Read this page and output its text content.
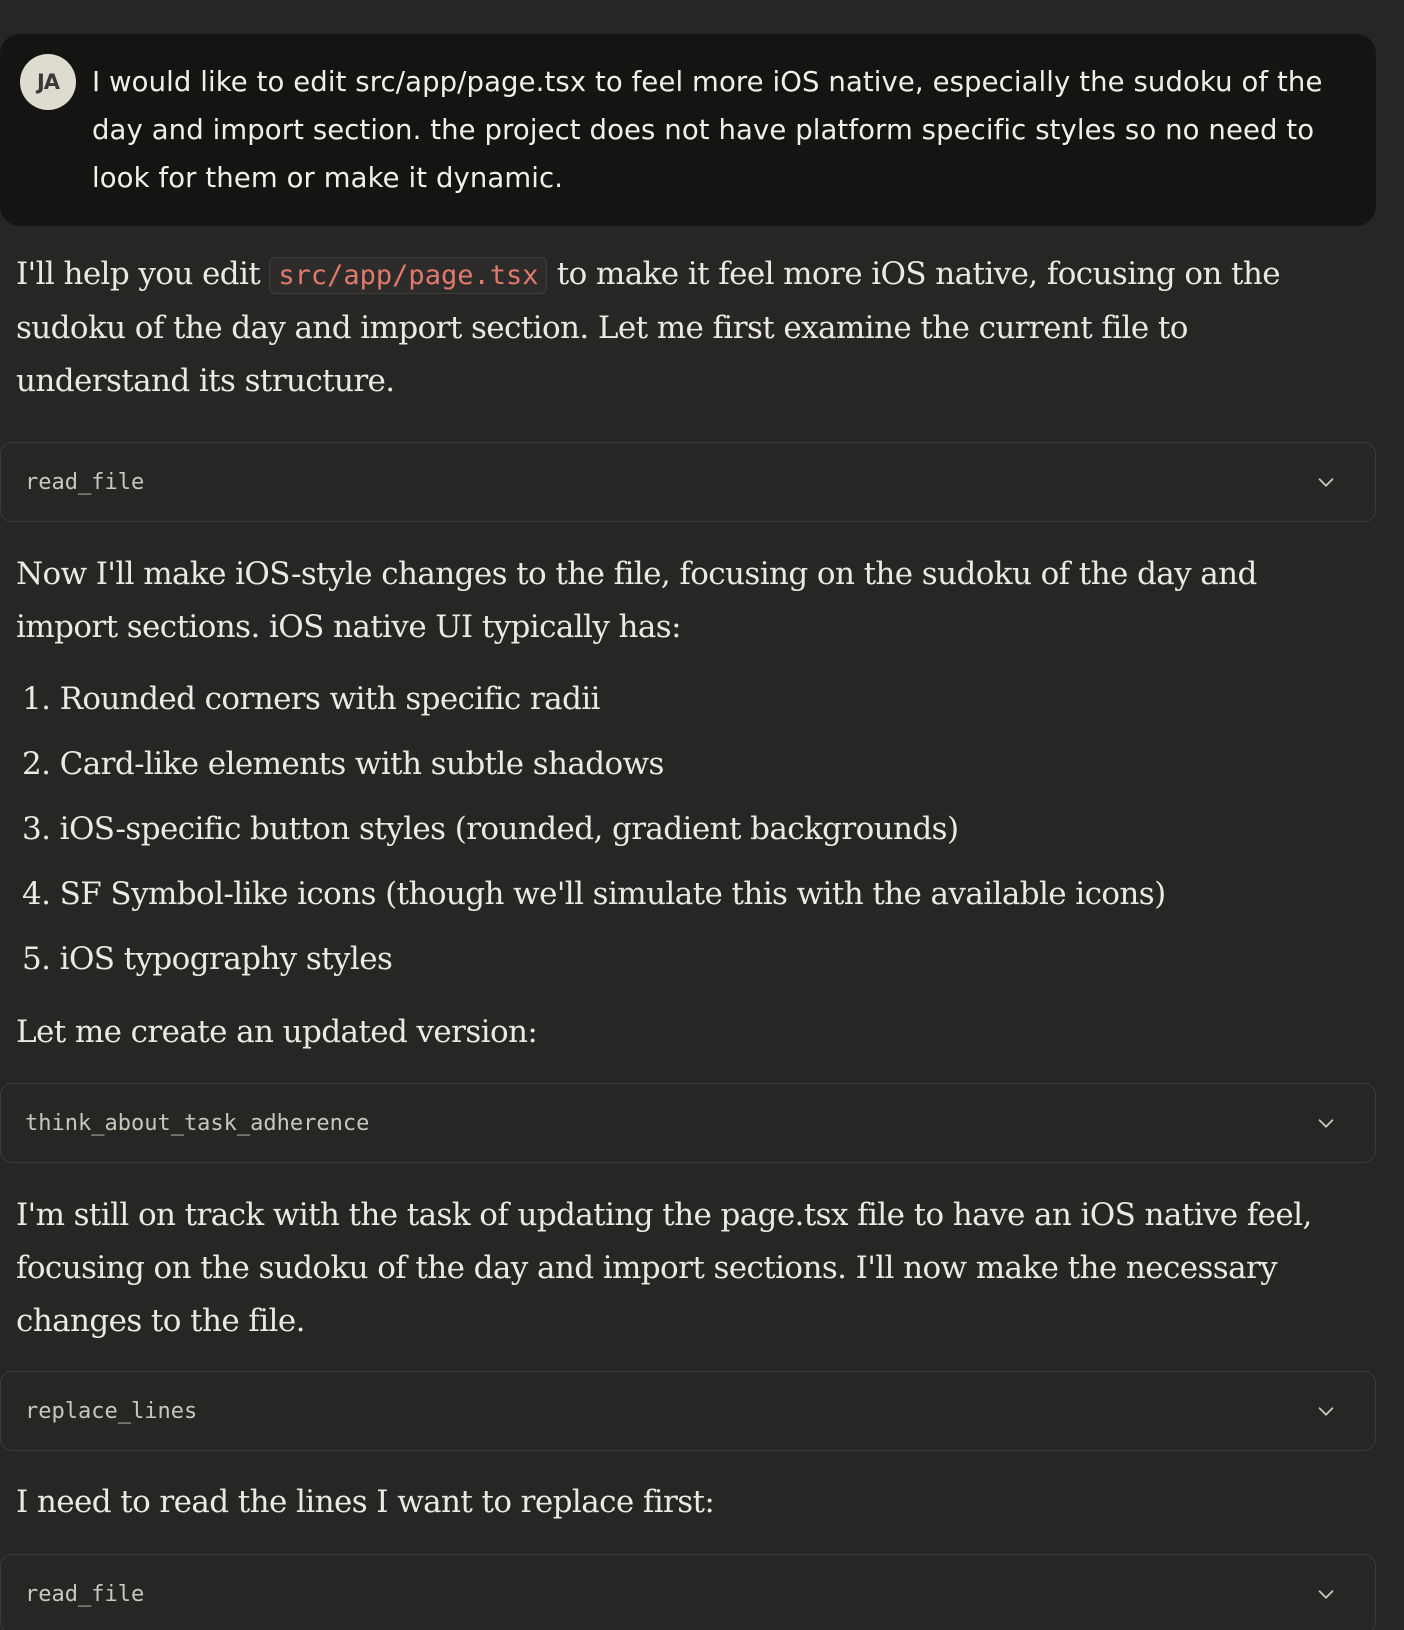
JA	I would like to edit src/app/page.tsx to feel more iOS native, especially the sudoku of the day and import section. the project does not have platform specific styles so no need to look for them or make it dynamic.

I'll help you edit src/app/page.tsx to make it feel more iOS native, focusing on the sudoku of the day and import section. Let me first examine the current file to understand its structure.

read_file

Now I'll make iOS-style changes to the file, focusing on the sudoku of the day and import sections. iOS native UI typically has:

1. Rounded corners with specific radii
2. Card-like elements with subtle shadows
3. iOS-specific button styles (rounded, gradient backgrounds)
4. SF Symbol-like icons (though we'll simulate this with the available icons)
5. iOS typography styles

Let me create an updated version:

think_about_task_adherence

I'm still on track with the task of updating the page.tsx file to have an iOS native feel, focusing on the sudoku of the day and import sections. I'll now make the necessary changes to the file.

replace_lines

I need to read the lines I want to replace first:

read_file
